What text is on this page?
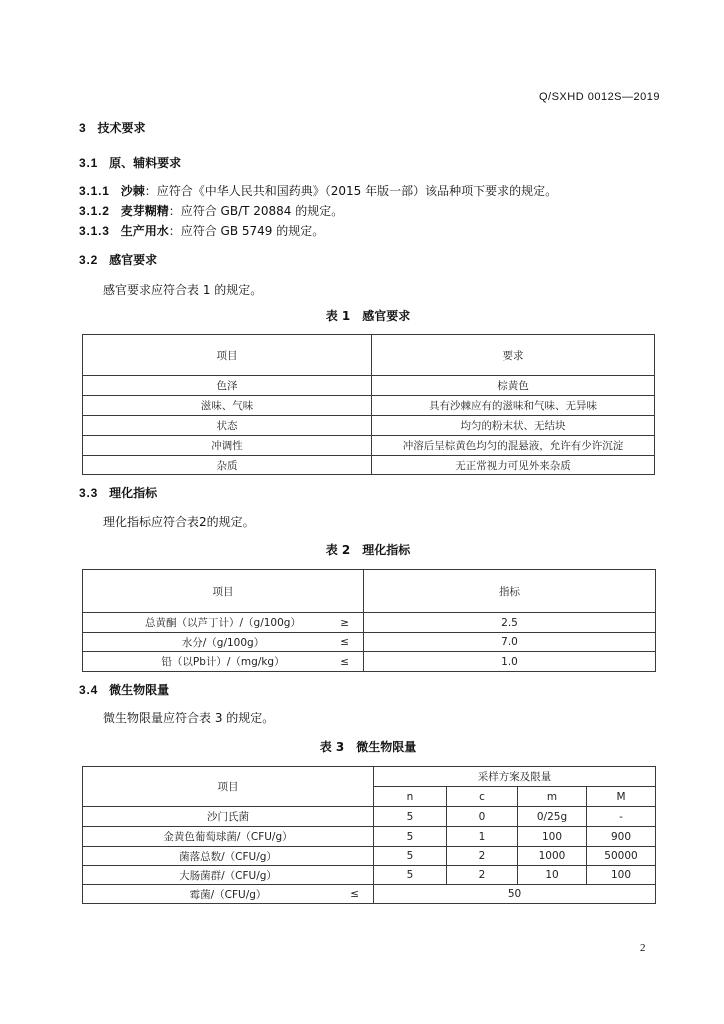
Q/SXHD 0012S—2019
3 技术要求
3.1 原、辅料要求
3.1.1 沙棘：应符合《中华人民共和国药典》（2015 年版一部）该品种项下要求的规定。
3.1.2 麦芽糊精：应符合 GB/T 20884 的规定。
3.1.3 生产用水：应符合 GB 5749 的规定。
3.2 感官要求
感官要求应符合表 1 的规定。
表 1 感官要求
项目	要求
色泽	棕黄色
滋味、气味	具有沙棘应有的滋味和气味、无异味
状态	均匀的粉末状、无结块
冲调性	冲溶后呈棕黄色均匀的混悬液，允许有少许沉淀
杂质	无正常视力可见外来杂质
3.3 理化指标
理化指标应符合表2的规定。
表 2 理化指标
项目	指标
总黄酮（以芦丁计）/（g/100g） ≥	2.5
水分/（g/100g） ≤	7.0
铅（以Pb计）/（mg/kg） ≤	1.0
3.4 微生物限量
微生物限量应符合表 3 的规定。
表 3 微生物限量
项目	采样方案及限量			
	n	c	m	M
沙门氏菌	5	0	0/25g	-
金黄色葡萄球菌/（CFU/g）	5	1	100	900
菌落总数/（CFU/g）	5	2	1000	50000
大肠菌群/（CFU/g）	5	2	10	100
霉菌/（CFU/g） ≤	50			
2
